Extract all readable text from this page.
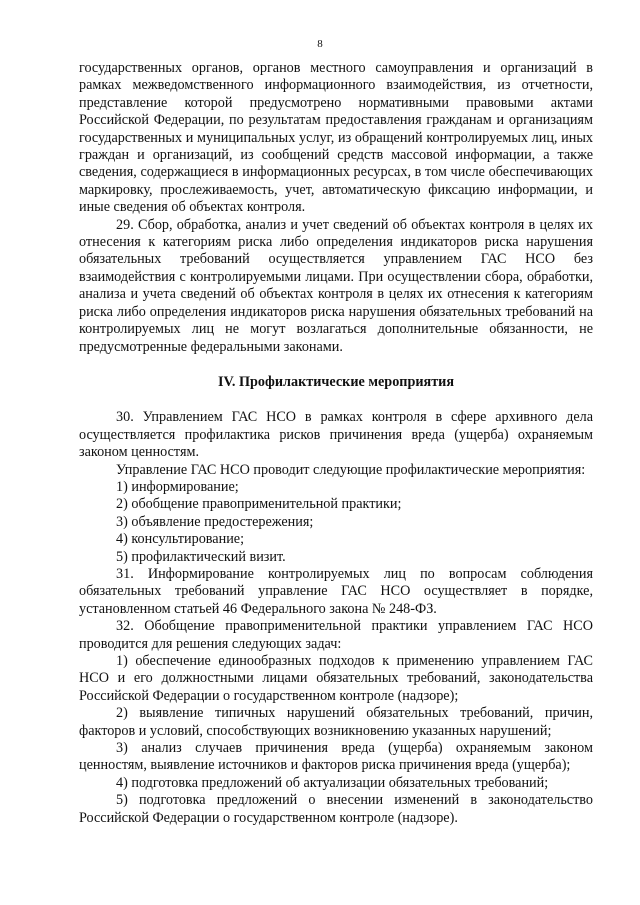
8

государственных органов, органов местного самоуправления и организаций в рамках межведомственного информационного взаимодействия, из отчетности, представление которой предусмотрено нормативными правовыми актами Российской Федерации, по результатам предоставления гражданам и организациям государственных и муниципальных услуг, из обращений контролируемых лиц, иных граждан и организаций, из сообщений средств массовой информации, а также сведения, содержащиеся в информационных ресурсах, в том числе обеспечивающих маркировку, прослеживаемость, учет, автоматическую фиксацию информации, и иные сведения об объектах контроля.

29. Сбор, обработка, анализ и учет сведений об объектах контроля в целях их отнесения к категориям риска либо определения индикаторов риска нарушения обязательных требований осуществляется управлением ГАС НСО без взаимодействия с контролируемыми лицами. При осуществлении сбора, обработки, анализа и учета сведений об объектах контроля в целях их отнесения к категориям риска либо определения индикаторов риска нарушения обязательных требований на контролируемых лиц не могут возлагаться дополнительные обязанности, не предусмотренные федеральными законами.

IV. Профилактические мероприятия

30. Управлением ГАС НСО в рамках контроля в сфере архивного дела осуществляется профилактика рисков причинения вреда (ущерба) охраняемым законом ценностям.

Управление ГАС НСО проводит следующие профилактические мероприятия:

1) информирование;

2) обобщение правоприменительной практики;

3) объявление предостережения;

4) консультирование;

5) профилактический визит.

31. Информирование контролируемых лиц по вопросам соблюдения обязательных требований управление ГАС НСО осуществляет в порядке, установленном статьей 46 Федерального закона № 248-ФЗ.

32. Обобщение правоприменительной практики управлением ГАС НСО проводится для решения следующих задач:

1) обеспечение единообразных подходов к применению управлением ГАС НСО и его должностными лицами обязательных требований, законодательства Российской Федерации о государственном контроле (надзоре);

2) выявление типичных нарушений обязательных требований, причин, факторов и условий, способствующих возникновению указанных нарушений;

3) анализ случаев причинения вреда (ущерба) охраняемым законом ценностям, выявление источников и факторов риска причинения вреда (ущерба);

4) подготовка предложений об актуализации обязательных требований;

5) подготовка предложений о внесении изменений в законодательство Российской Федерации о государственном контроле (надзоре).
